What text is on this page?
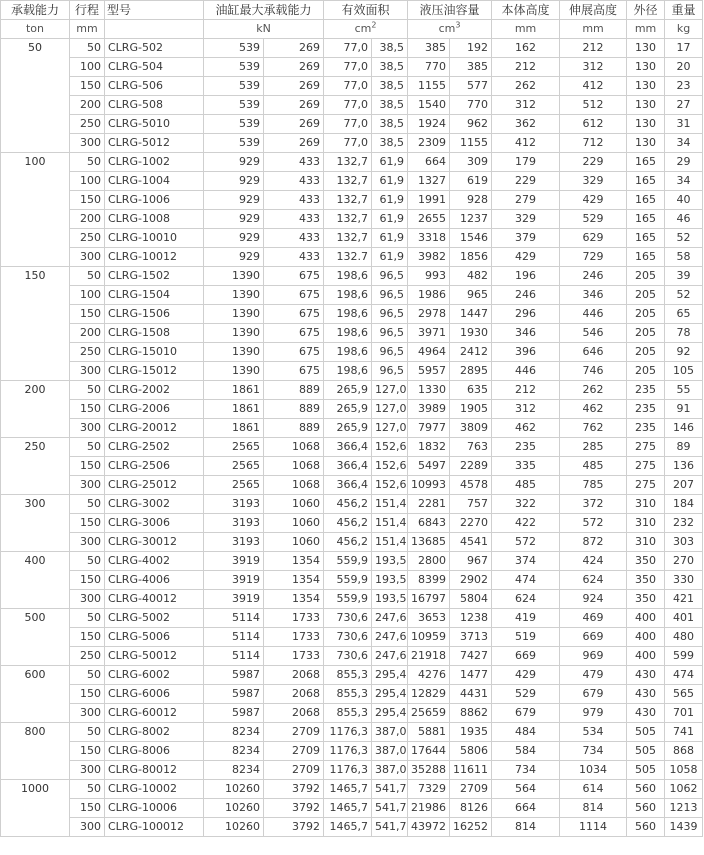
承载能力	行程	型号	油缸最大承载能力		有效面积		液压油容量		本体高度	伸展高度	外径	重量
ton	mm		kN		$cm^2$		$cm^3$		mm	mm	mm	kg
50	50	CLRG-502	539	269	77,0	38,5	385	192	162	212	130	17
	100	CLRG-504	539	269	77,0	38,5	770	385	212	312	130	20
	150	CLRG-506	539	269	77,0	38,5	1155	577	262	412	130	23
	200	CLRG-508	539	269	77,0	38,5	1540	770	312	512	130	27
	250	CLRG-5010	539	269	77,0	38,5	1924	962	362	612	130	31
	300	CLRG-5012	539	269	77,0	38,5	2309	1155	412	712	130	34
100	50	CLRG-1002	929	433	132,7	61,9	664	309	179	229	165	29
	100	CLRG-1004	929	433	132,7	61,9	1327	619	229	329	165	34
	150	CLRG-1006	929	433	132,7	61,9	1991	928	279	429	165	40
	200	CLRG-1008	929	433	132,7	61,9	2655	1237	329	529	165	46
	250	CLRG-10010	929	433	132,7	61,9	3318	1546	379	629	165	52
	300	CLRG-10012	929	433	132.7	61,9	3982	1856	429	729	165	58
150	50	CLRG-1502	1390	675	198,6	96,5	993	482	196	246	205	39
	100	CLRG-1504	1390	675	198,6	96,5	1986	965	246	346	205	52
	150	CLRG-1506	1390	675	198,6	96,5	2978	1447	296	446	205	65
	200	CLRG-1508	1390	675	198,6	96,5	3971	1930	346	546	205	78
	250	CLRG-15010	1390	675	198,6	96,5	4964	2412	396	646	205	92
	300	CLRG-15012	1390	675	198,6	96,5	5957	2895	446	746	205	105
200	50	CLRG-2002	1861	889	265,9	127,0	1330	635	212	262	235	55
	150	CLRG-2006	1861	889	265,9	127,0	3989	1905	312	462	235	91
	300	CLRG-20012	1861	889	265,9	127,0	7977	3809	462	762	235	146
250	50	CLRG-2502	2565	1068	366,4	152,6	1832	763	235	285	275	89
	150	CLRG-2506	2565	1068	366,4	152,6	5497	2289	335	485	275	136
	300	CLRG-25012	2565	1068	366,4	152,6	10993	4578	485	785	275	207
300	50	CLRG-3002	3193	1060	456,2	151,4	2281	757	322	372	310	184
	150	CLRG-3006	3193	1060	456,2	151,4	6843	2270	422	572	310	232
	300	CLRG-30012	3193	1060	456,2	151,4	13685	4541	572	872	310	303
400	50	CLRG-4002	3919	1354	559,9	193,5	2800	967	374	424	350	270
	150	CLRG-4006	3919	1354	559,9	193,5	8399	2902	474	624	350	330
	300	CLRG-40012	3919	1354	559,9	193,5	16797	5804	624	924	350	421
500	50	CLRG-5002	5114	1733	730,6	247,6	3653	1238	419	469	400	401
	150	CLRG-5006	5114	1733	730,6	247,6	10959	3713	519	669	400	480
	250	CLRG-50012	5114	1733	730,6	247,6	21918	7427	669	969	400	599
600	50	CLRG-6002	5987	2068	855,3	295,4	4276	1477	429	479	430	474
	150	CLRG-6006	5987	2068	855,3	295,4	12829	4431	529	679	430	565
	300	CLRG-60012	5987	2068	855,3	295,4	25659	8862	679	979	430	701
800	50	CLRG-8002	8234	2709	1176,3	387,0	5881	1935	484	534	505	741
	150	CLRG-8006	8234	2709	1176,3	387,0	17644	5806	584	734	505	868
	300	CLRG-80012	8234	2709	1176,3	387,0	35288	11611	734	1034	505	1058
1000	50	CLRG-10002	10260	3792	1465,7	541,7	7329	2709	564	614	560	1062
	150	CLRG-10006	10260	3792	1465,7	541,7	21986	8126	664	814	560	1213
	300	CLRG-100012	10260	3792	1465,7	541,7	43972	16252	814	1114	560	1439
